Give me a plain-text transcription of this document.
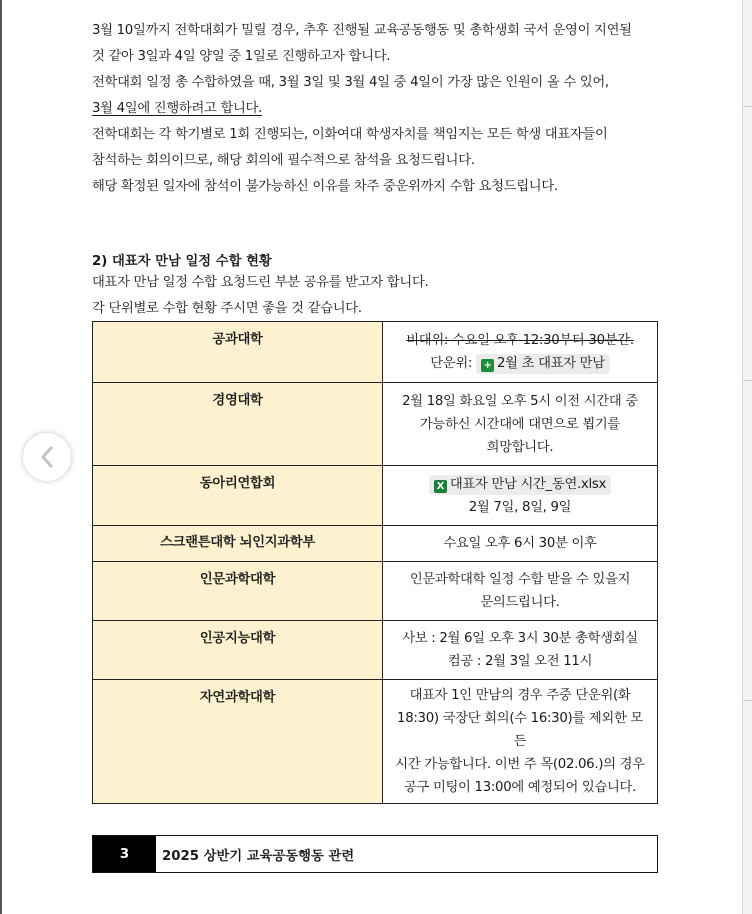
3월 10일까지 전학대회가 밀릴 경우, 추후 진행될 교육공동행동 및 총학생회 국서 운영이 지연될
것 같아 3일과 4일 양일 중 1일로 진행하고자 합니다.
전학대회 일정 총 수합하였을 때, 3월 3일 및 3월 4일 중 4일이 가장 많은 인원이 올 수 있어,
3월 4일에 진행하려고 합니다.
전학대회는 각 학기별로 1회 진행되는, 이화여대 학생자치를 책임지는 모든 학생 대표자들이
참석하는 회의이므로, 해당 회의에 필수적으로 참석을 요청드립니다.
해당 확정된 일자에 참석이 불가능하신 이유를 차주 중운위까지 수합 요청드립니다.
2) 대표자 만남 일정 수합 현황
대표자 만남 일정 수합 요청드린 부분 공유를 받고자 합니다.
각 단위별로 수합 현황 주시면 좋을 것 같습니다.
공과대학	비대위: 수요일 오후 12:30부터 30분간.
단운위: + 2월 초 대표자 만남

경영대학	2월 18일 화요일 오후 5시 이전 시간대 중
가능하신 시간대에 대면으로 뵙기를
희망합니다.

동아리연합회	X 대표자 만남 시간_동연.xlsx
2월 7일, 8일, 9일

스크랜튼대학 뇌인지과학부	수요일 오후 6시 30분 이후

인문과학대학	인문과학대학 일정 수합 받을 수 있을지
문의드립니다.

인공지능대학	사보 : 2월 6일 오후 3시 30분 총학생회실
컴공 : 2월 3일 오전 11시

자연과학대학	대표자 1인 만남의 경우 주중 단운위(화
18:30) 국장단 회의(수 16:30)를 제외한 모든
시간 가능합니다. 이번 주 목(02.06.)의 경우
공구 미팅이 13:00에 예정되어 있습니다.
3	2025 상반기 교육공동행동 관련
